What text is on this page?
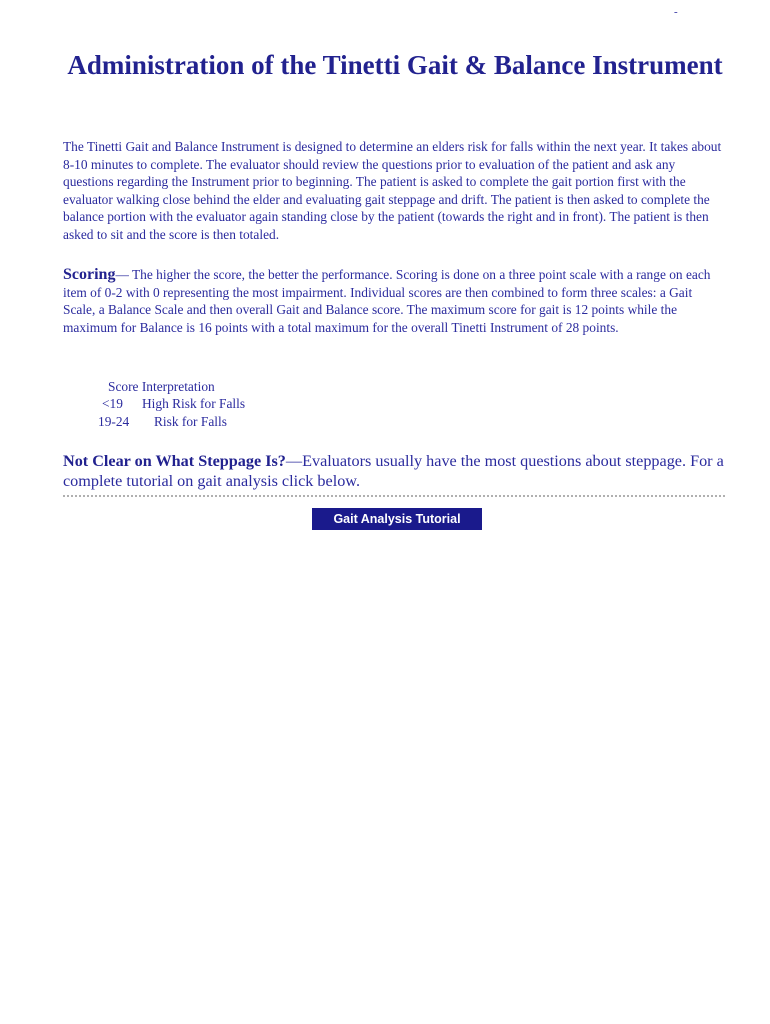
-
Administration of the Tinetti Gait & Balance Instrument

The Tinetti Gait and Balance Instrument is designed to determine an elders risk for falls within the next year. It takes about 8-10 minutes to complete. The evaluator should review the questions prior to evaluation of the patient and ask any questions regarding the Instrument prior to beginning. The patient is asked to complete the gait portion first with the evaluator walking close behind the elder and evaluating gait steppage and drift. The patient is then asked to complete the balance portion with the evaluator again standing close by the patient (towards the right and in front). The patient is then asked to sit and the score is then totaled.

Scoring— The higher the score, the better the performance. Scoring is done on a three point scale with a range on each item of 0-2 with 0 representing the most impairment. Individual scores are then combined to form three scales: a Gait Scale, a Balance Scale and then overall Gait and Balance score. The maximum score for gait is 12 points while the maximum for Balance is 16 points with a total maximum for the overall Tinetti Instrument of 28 points.

Score Interpretation
<19 High Risk for Falls
19-24 Risk for Falls

Not Clear on What Steppage Is?—Evaluators usually have the most questions about steppage. For a complete tutorial on gait analysis click below.

Gait Analysis Tutorial
